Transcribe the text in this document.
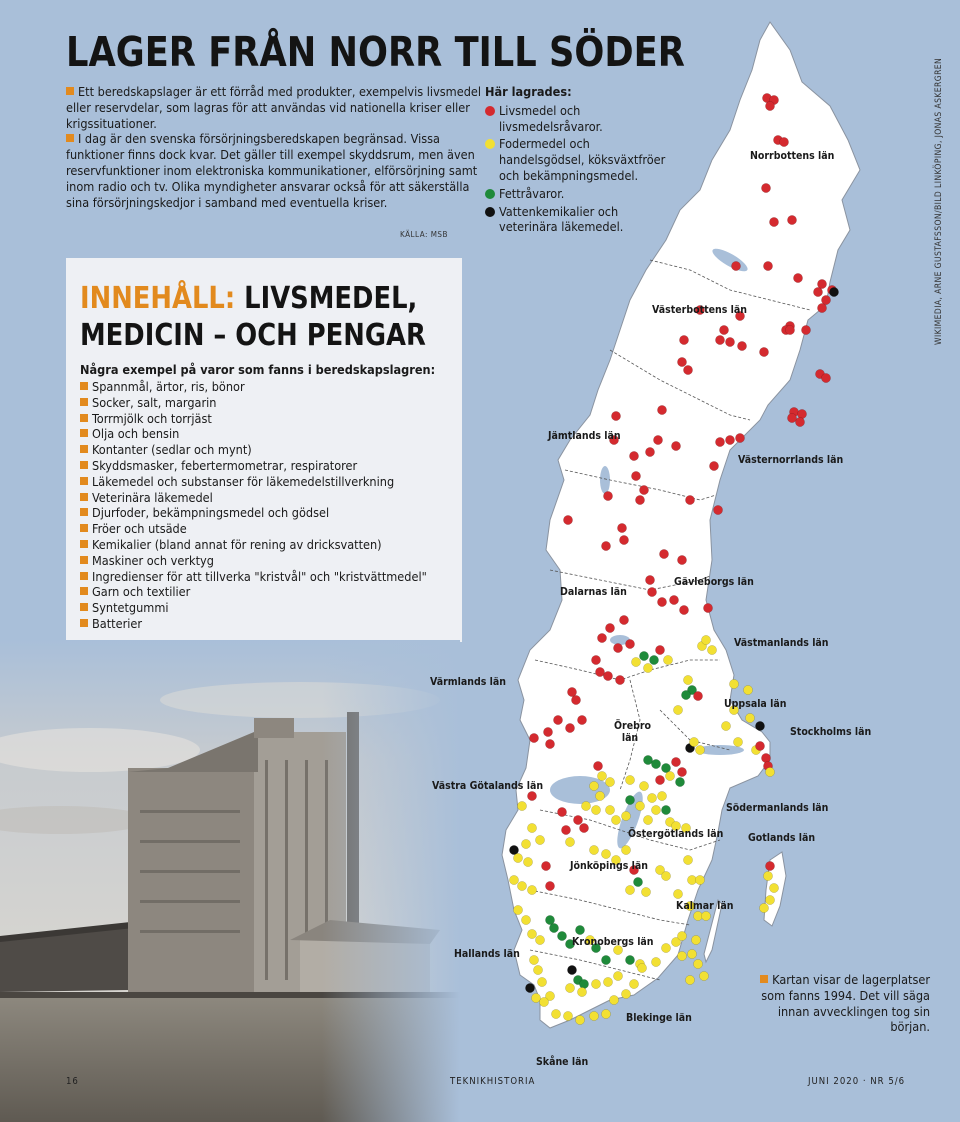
LAGER FRÅN NORR TILL SÖDER

Ett beredskapslager är ett förråd med produkter, exempelvis livsmedel eller reservdelar, som lagras för att användas vid nationella kriser eller krigssituationer.

I dag är den svenska försörjningsberedskapen begränsad. Vissa funktioner finns dock kvar. Det gäller till exempel skyddsrum, men även reservfunktioner inom elektroniska kommunikationer, elförsörjning samt inom radio och tv. Olika myndigheter ansvarar också för att säkerställa sina försörjningskedjor i samband med eventuella kriser.

KÄLLA: MSB
Här lagrades:
Livsmedel och livsmedelsråvaror.
Fodermedel och handelsgödsel, köksväxtfröer och bekämpningsmedel.
Fettråvaror.
Vattenkemikalier och veterinära läkemedel.
INNEHÅLL: LIVSMEDEL,
MEDICIN – OCH PENGAR
Några exempel på varor som fanns i beredskapslagren:
Spannmål, ärtor, ris, bönor
Socker, salt, margarin
Torrmjölk och torrjäst
Olja och bensin
Kontanter (sedlar och mynt)
Skyddsmasker, febertermometrar, respiratorer
Läkemedel och substanser för läkemedelstillverkning
Veterinära läkemedel
Djurfoder, bekämpningsmedel och gödsel
Fröer och utsäde
Kemikalier (bland annat för rening av dricksvatten)
Maskiner och verktyg
Ingredienser för att tillverka "kristvål" och "kristvättmedel"
Garn och textilier
Syntetgummi
Batterier
Norrbottens län
Västerbottens län
Jämtlands län
Västernorrlands län
Gävleborgs län
Dalarnas län
Västmanlands län
Värmlands län
Uppsala län
Örebro län	Stockholms län
Västra Götalands län
Södermanlands län
Östergötlands län Gotlands län
Jönköpings län
Kalmar län
Kronobergs län
Hallands län
Blekinge län
Skåne län
WIKIMEDIA, ARNE GUSTAFSSON/BILD LINKÖPING, JONAS ASKERGREN
Kartan visar de lagerplatser som fanns 1994. Det vill säga innan avvecklingen tog sin början.
16	TEKNIKHISTORIA	JUNI 2020 · NR 5/6
